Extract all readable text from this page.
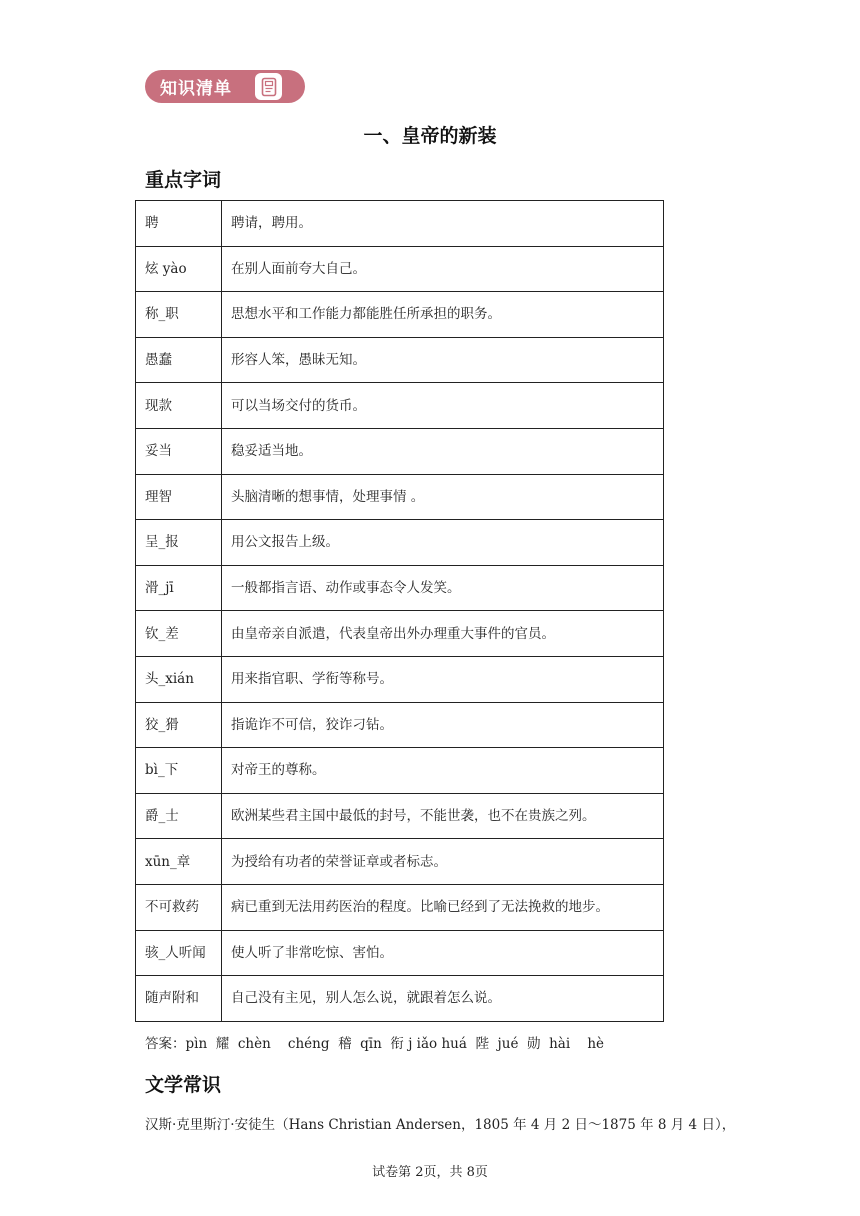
知识清单
一、皇帝的新装
重点字词
聘	聘请，聘用。
炫 yào	在别人面前夸大自己。
称_职	思想水平和工作能力都能胜任所承担的职务。
愚蠢	形容人笨，愚昧无知。
现款	可以当场交付的货币。
妥当	稳妥适当地。
理智	头脑清晰的想事情，处理事情 。
呈_报	用公文报告上级。
滑_jī	一般都指言语、动作或事态令人发笑。
钦_差	由皇帝亲自派遣，代表皇帝出外办理重大事件的官员。
头_xián	用来指官职、学衔等称号。
狡_猾	指诡诈不可信，狡诈刁钻。
bì_下	对帝王的尊称。
爵_士	欧洲某些君主国中最低的封号，不能世袭，也不在贵族之列。
xūn_章	为授给有功者的荣誉证章或者标志。
不可救药	病已重到无法用药医治的程度。比喻已经到了无法挽救的地步。
骇_人听闻	使人听了非常吃惊、害怕。
随声附和	自己没有主见，别人怎么说，就跟着怎么说。
答案：pìn  耀  chèn    chéng  稽  qīn  衔 j iǎo huá  陛  jué  勋  hài    hè
文学常识
汉斯·克里斯汀·安徒生（Hans Christian Andersen，1805 年 4 月 2 日～1875 年 8 月 4 日），
试卷第 2页，共 8页
